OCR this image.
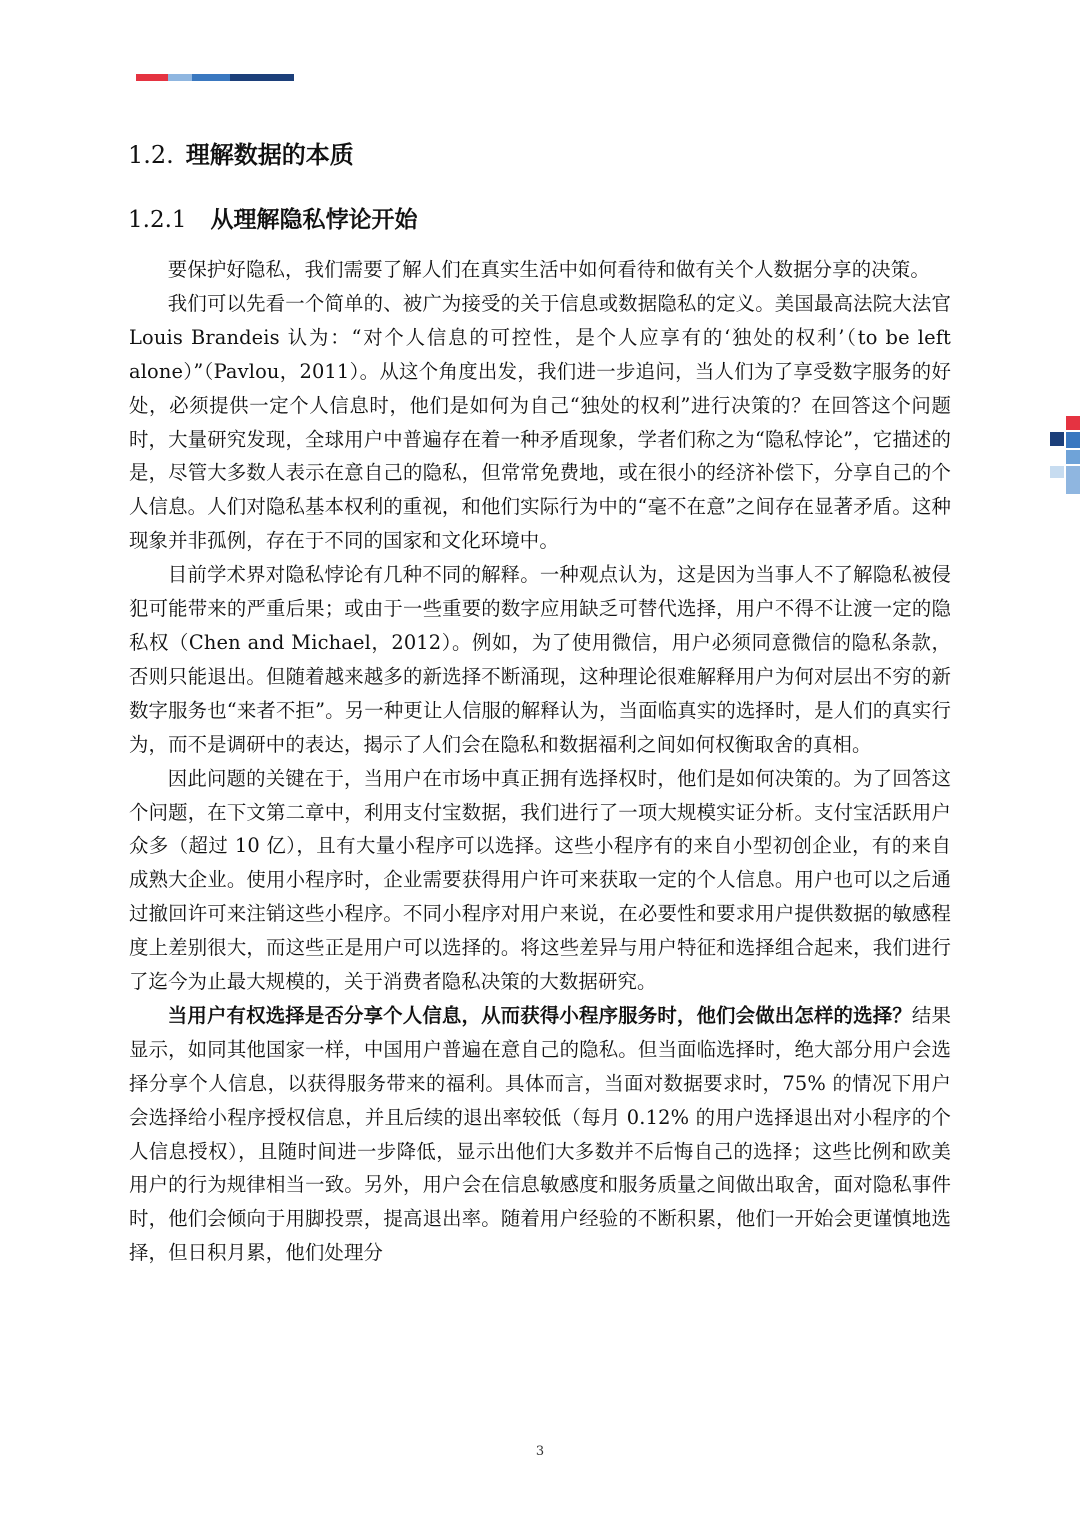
1.2. 理解数据的本质
1.2.1 从理解隐私悖论开始

要保护好隐私，我们需要了解人们在真实生活中如何看待和做有关个人数据分享的决策。

我们可以先看一个简单的、被广为接受的关于信息或数据隐私的定义。美国最高法院大法官 Louis Brandeis 认为：“对个人信息的可控性，是个人应享有的‘独处的权利’（to be left alone）”（Pavlou，2011）。从这个角度出发，我们进一步追问，当人们为了享受数字服务的好处，必须提供一定个人信息时，他们是如何为自己“独处的权利”进行决策的？在回答这个问题时，大量研究发现，全球用户中普遍存在着一种矛盾现象，学者们称之为“隐私悖论”，它描述的是，尽管大多数人表示在意自己的隐私，但常常免费地，或在很小的经济补偿下，分享自己的个人信息。人们对隐私基本权利的重视，和他们实际行为中的“毫不在意”之间存在显著矛盾。这种现象并非孤例，存在于不同的国家和文化环境中。

目前学术界对隐私悖论有几种不同的解释。一种观点认为，这是因为当事人不了解隐私被侵犯可能带来的严重后果；或由于一些重要的数字应用缺乏可替代选择，用户不得不让渡一定的隐私权（Chen and Michael，2012）。例如，为了使用微信，用户必须同意微信的隐私条款，否则只能退出。但随着越来越多的新选择不断涌现，这种理论很难解释用户为何对层出不穷的新数字服务也“来者不拒”。另一种更让人信服的解释认为，当面临真实的选择时，是人们的真实行为，而不是调研中的表达，揭示了人们会在隐私和数据福利之间如何权衡取舍的真相。

因此问题的关键在于，当用户在市场中真正拥有选择权时，他们是如何决策的。为了回答这个问题，在下文第二章中，利用支付宝数据，我们进行了一项大规模实证分析。支付宝活跃用户众多（超过 10 亿），且有大量小程序可以选择。这些小程序有的来自小型初创企业，有的来自成熟大企业。使用小程序时，企业需要获得用户许可来获取一定的个人信息。用户也可以之后通过撤回许可来注销这些小程序。不同小程序对用户来说，在必要性和要求用户提供数据的敏感程度上差别很大，而这些正是用户可以选择的。将这些差异与用户特征和选择组合起来，我们进行了迄今为止最大规模的，关于消费者隐私决策的大数据研究。

当用户有权选择是否分享个人信息，从而获得小程序服务时，他们会做出怎样的选择？结果显示，如同其他国家一样，中国用户普遍在意自己的隐私。但当面临选择时，绝大部分用户会选择分享个人信息，以获得服务带来的福利。具体而言，当面对数据要求时，75% 的情况下用户会选择给小程序授权信息，并且后续的退出率较低（每月 0.12% 的用户选择退出对小程序的个人信息授权），且随时间进一步降低，显示出他们大多数并不后悔自己的选择；这些比例和欧美用户的行为规律相当一致。另外，用户会在信息敏感度和服务质量之间做出取舍，面对隐私事件时，他们会倾向于用脚投票，提高退出率。随着用户经验的不断积累，他们一开始会更谨慎地选择，但日积月累，他们处理分

3
